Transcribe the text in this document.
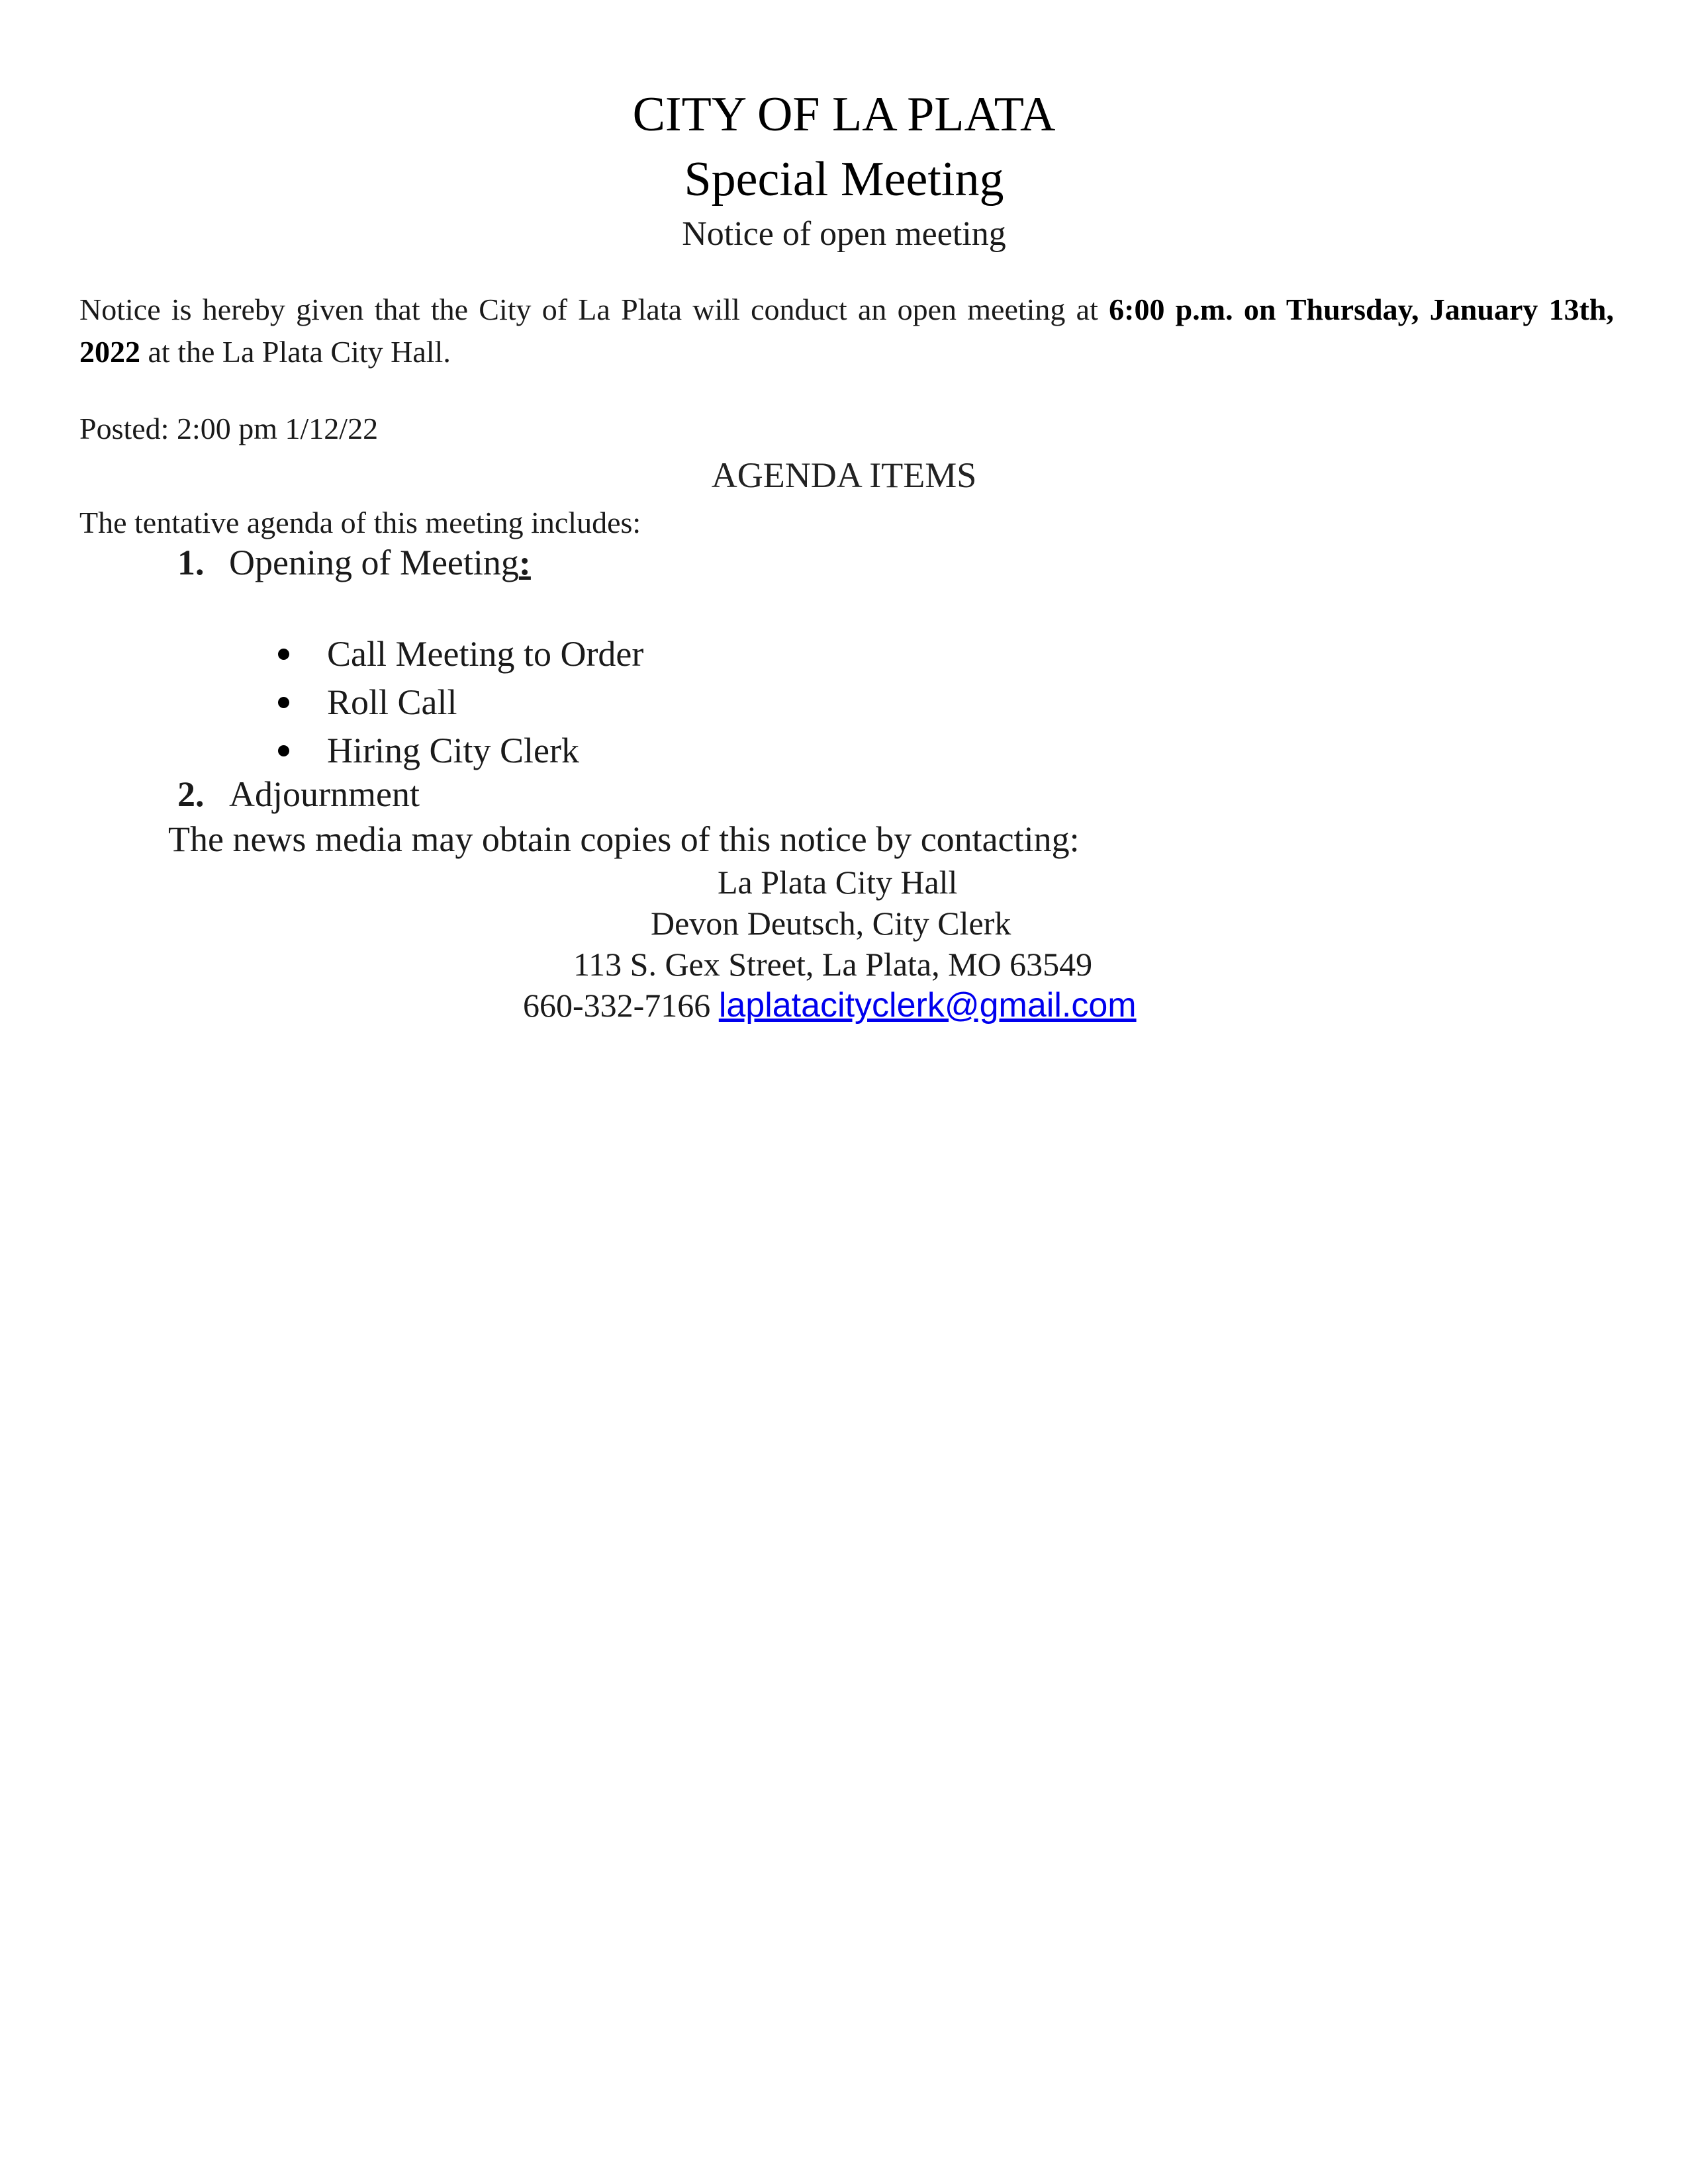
CITY OF LA PLATA
Special Meeting
Notice of open meeting
Notice is hereby given that the City of La Plata will conduct an open meeting at 6:00 p.m. on Thursday, January 13th, 2022 at the La Plata City Hall.
Posted: 2:00 pm 1/12/22
AGENDA ITEMS
The tentative agenda of this meeting includes:
1. Opening of Meeting:
Call Meeting to Order
Roll Call
Hiring City Clerk
2. Adjournment
The news media may obtain copies of this notice by contacting:
La Plata City Hall
Devon Deutsch, City Clerk
113 S. Gex Street, La Plata, MO 63549
660-332-7166 laplatacityclerk@gmail.com
